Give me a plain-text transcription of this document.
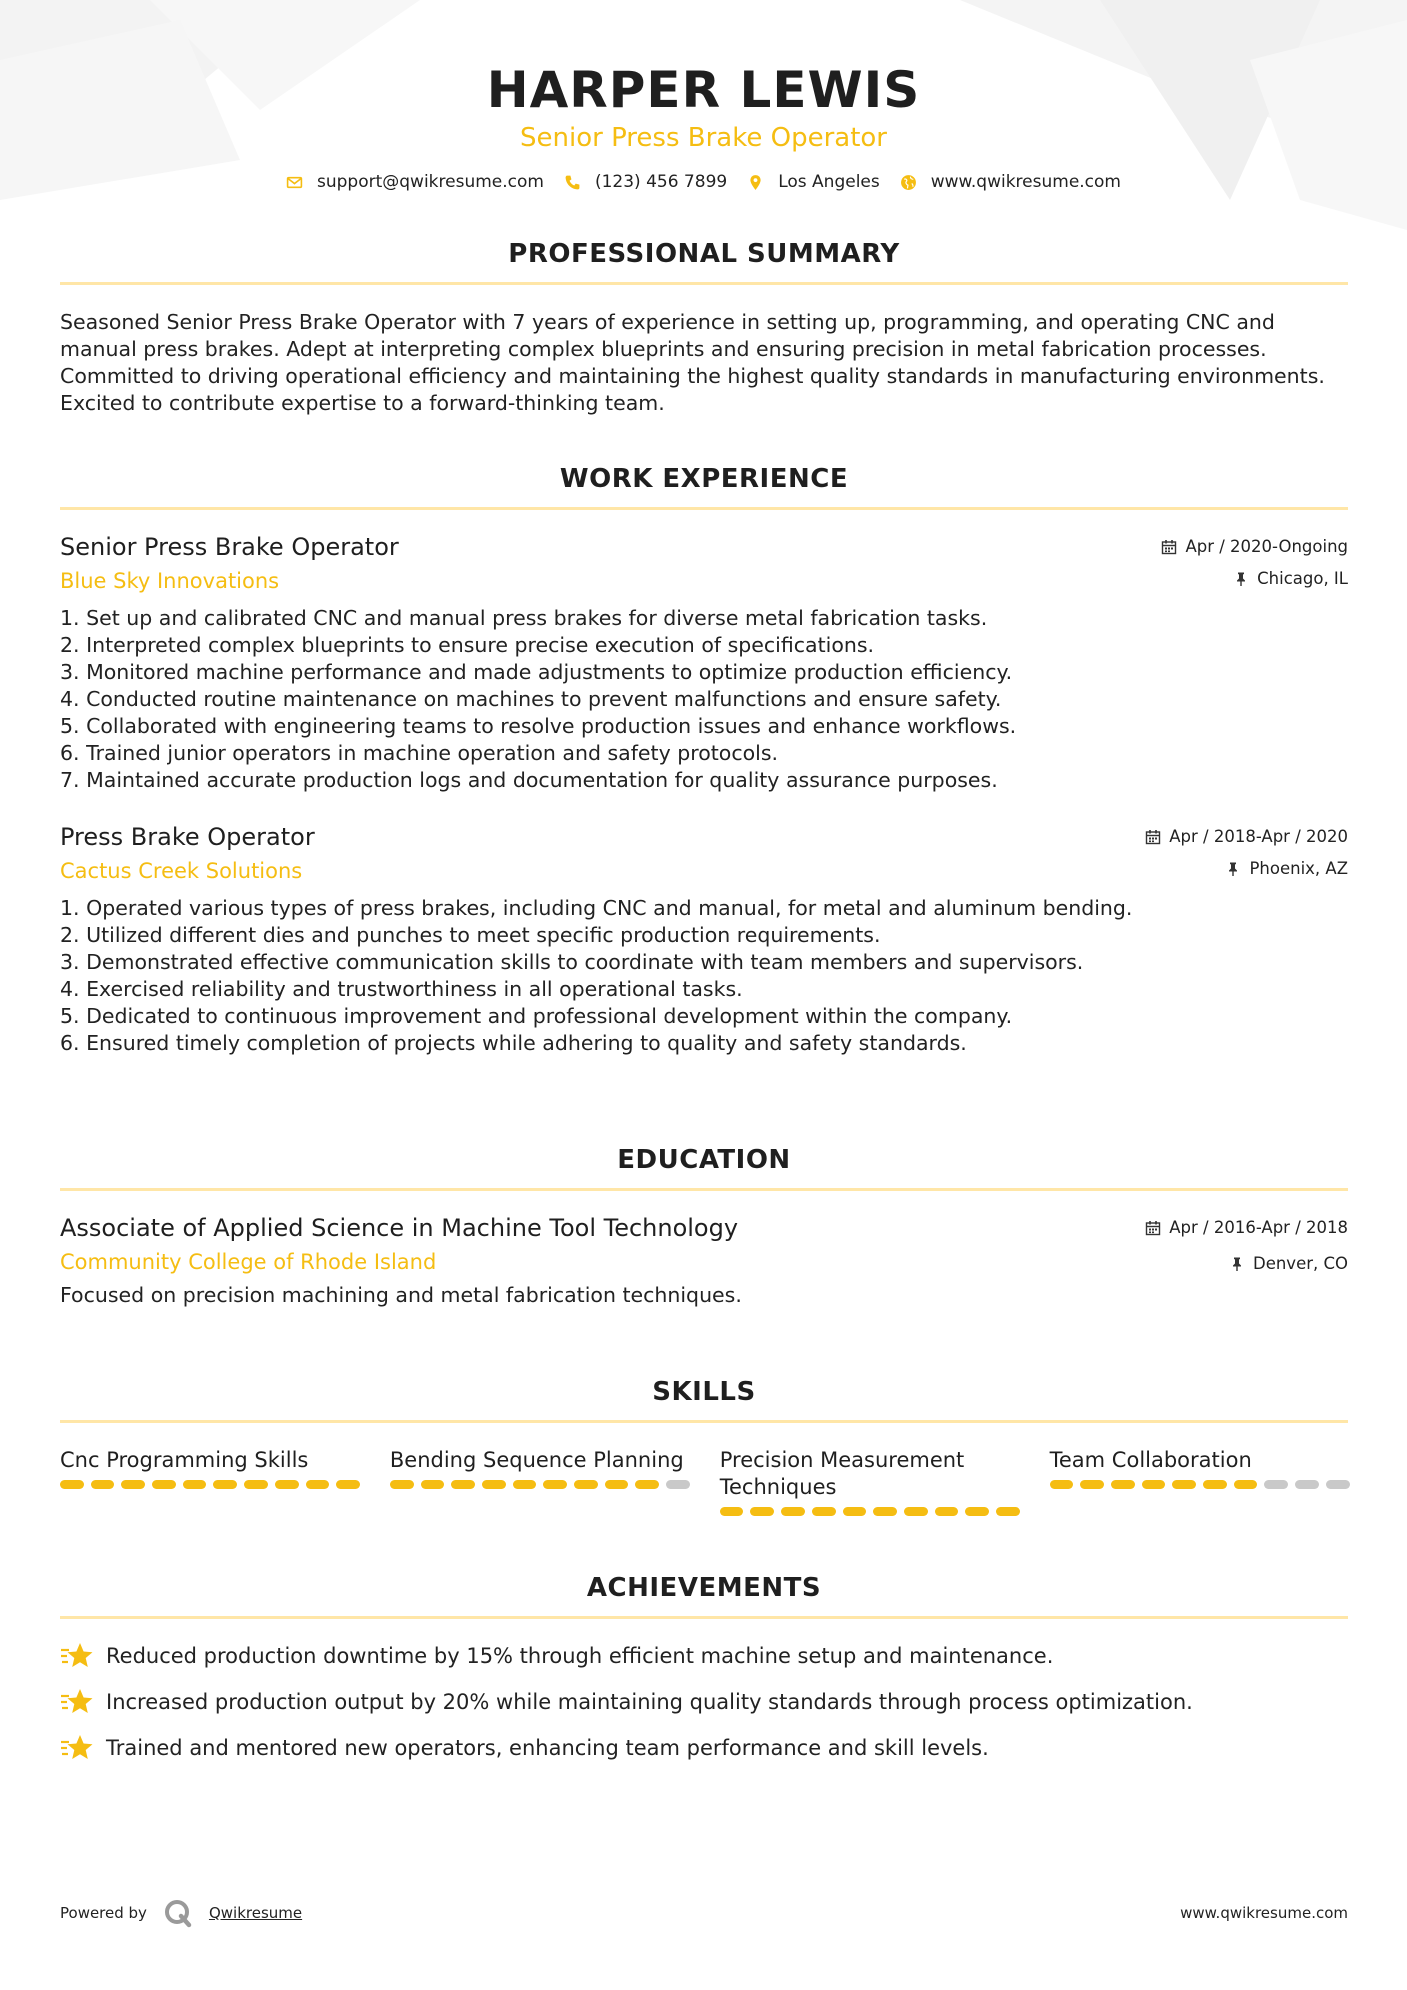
HARPER LEWIS
Senior Press Brake Operator
support@qwikresume.com	(123) 456 7899	Los Angeles	www.qwikresume.com
PROFESSIONAL SUMMARY

Seasoned Senior Press Brake Operator with 7 years of experience in setting up, programming, and operating CNC and manual press brakes. Adept at interpreting complex blueprints and ensuring precision in metal fabrication processes. Committed to driving operational efficiency and maintaining the highest quality standards in manufacturing environments. Excited to contribute expertise to a forward-thinking team.

WORK EXPERIENCE
Senior Press Brake Operator
Blue Sky Innovations
Apr / 2020-Ongoing
Chicago, IL
1. Set up and calibrated CNC and manual press brakes for diverse metal fabrication tasks.
2. Interpreted complex blueprints to ensure precise execution of specifications.
3. Monitored machine performance and made adjustments to optimize production efficiency.
4. Conducted routine maintenance on machines to prevent malfunctions and ensure safety.
5. Collaborated with engineering teams to resolve production issues and enhance workflows.
6. Trained junior operators in machine operation and safety protocols.
7. Maintained accurate production logs and documentation for quality assurance purposes.
Press Brake Operator
Cactus Creek Solutions
Apr / 2018-Apr / 2020
Phoenix, AZ
1. Operated various types of press brakes, including CNC and manual, for metal and aluminum bending.
2. Utilized different dies and punches to meet specific production requirements.
3. Demonstrated effective communication skills to coordinate with team members and supervisors.
4. Exercised reliability and trustworthiness in all operational tasks.
5. Dedicated to continuous improvement and professional development within the company.
6. Ensured timely completion of projects while adhering to quality and safety standards.
EDUCATION
Associate of Applied Science in Machine Tool Technology
Community College of Rhode Island
Apr / 2016-Apr / 2018
Denver, CO

Focused on precision machining and metal fabrication techniques.

SKILLS
Cnc Programming Skills	Bending Sequence Planning Precision Measurement Techniques
Team Collaboration
ACHIEVEMENTS
Reduced production downtime by 15% through efficient machine setup and maintenance.
Increased production output by 20% while maintaining quality standards through process optimization.
Trained and mentored new operators, enhancing team performance and skill levels.
Powered by	Qwikresume	www.qwikresume.com
